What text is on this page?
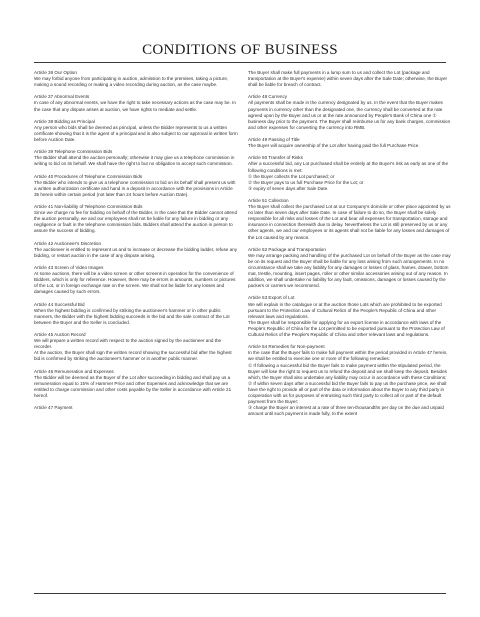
CONDITIONS OF BUSINESS
Article 36 Our Option

We may forbid anyone from participating in auction, admission to the premises, taking a picture, making a sound recording or making a video recording during auction, as the case maybe.

Article 37 Abnormal Events

In case of any abnormal events, we have the right to take necessary actions as the case may be. In the case that any dispute arises at auction, we have rights to mediate and settle.

Article 38 Bidding as Principal

Any person who bids shall be deemed as principal, unless the Bidder represents to us a written certificate showing that it is the agent of a principal and is also subject to our approval in written form before Auction Date.

Article 39 Telephone Commission Bids

The Bidder shall attend the auction personally; otherwise it may give us a telephone commission in writing to bid on its behalf. We shall have the right to but no obligation to accept such commission.

Article 40 Procedures of Telephone Commission Bids

The Bidder who intends to give us a telephone commission to bid on its behalf shall present us with a written authorization certificate and hand in a deposit in accordance with the provisions in Article 35 herein within certain period (not later than 24 hours before Auction Date).

Article 41 Non-liability of Telephone Commission Bids

Since we charge no fee for bidding on behalf of the Bidder, in the case that the Bidder cannot attend the auction personally, we and our employees shall not be liable for any failure in bidding or any negligence or fault in the telephone commission bids. Bidders shall attend the auction in person to assure the success of bidding.

Article 42 Auctioneer's Discretion

The auctioneer is entitled to represent us and to increase or decrease the bidding ladder, refuse any bidding, or restart auction in the case of any dispute arising.

Article 43 Screen of Video Images

At some auctions, there will be a video screen or other screens in operation for the convenience of Bidders, which is only for reference. However, there may be errors in amounts, numbers or pictures of the Lot, or in foreign exchange rate on the screen. We shall not be liable for any losses and damages caused by such errors.

Article 44 Successful Bid

When the highest bidding is confirmed by striking the auctioneer's hammer or in other public manners, the Bidder with the highest bidding succeeds in the bid and the sale contract of the Lot between the Buyer and the Seller is concluded.

Article 45 Auction Record

We will prepare a written record with respect to the auction signed by the auctioneer and the recorder.
At the auction, the Buyer shall sign the written record showing the successful bid after the highest bid is confirmed by striking the auctioneer's hammer or in another public manner.

Article 46 Remuneration and Expenses

The Bidder will be deemed as the Buyer of the Lot after succeeding in bidding and shall pay us a remuneration equal to 15% of Hammer Price and other Expenses and acknowledge that we are entitled to charge commission and other costs payable by the Seller in accordance with Article 21 hereof.

Article 47 Payment

The Buyer shall make full payments in a lump sum to us and collect the Lot (package and transportation at the Buyer's expense) within seven days after the Sale Date; otherwise, the Buyer shall be liable for breach of contract.

Article 48 Currency

All payments shall be made in the currency designated by us. In the event that the Buyer makes payments in currency other than the designated one, the currency shall be converted at the rate agreed upon by the Buyer and us or at the rate announced by People's Bank of China one ① business day prior to the payment. The Buyer shall reimburse us for any bank charges, commission and other expenses for converting the currency into RMB.

Article 49 Passing of Title

The Buyer will acquire ownership of the Lot after having paid the full Purchase Price.

Article 50 Transfer of Risks

After a successful bid, any Lot purchased shall be entirely at the Buyer's risk as early as one of the following conditions is met:
① the Buyer collects the Lot purchased; or
② the Buyer pays to us full Purchase Price for the Lot; or
③ expiry of seven days after Sale Date.

Article 51 Collection

The Buyer shall collect the purchased Lot at our Company's domicile or other place appointed by us no later than seven days after Sale Date. In case of failure to do so, the Buyer shall be solely responsible for all risks and losses of the Lot and bear all expenses for transportation, storage and insurance in connection therewith due to delay. Nevertheless the Lot is still preserved by us or any other agents, we and our employees or its agents shall not be liable for any losses and damages of the Lot caused by any reason.

Article 52 Package and Transportation

We may arrange packing and handling of the purchased Lot on behalf of the Buyer as the case may be on its request and the Buyer shall be liable for any loss arising from such arrangements. In no circumstance shall we take any liability for any damages or losses of glass, frames, drawer, bottom mat, trestle, mounting, insert pages, roller or other similar accessories arising out of any reason. In addition, we shall undertake no liability for any fault, omissions, damages or losses caused by the packers or carriers we recommend.

Article 53 Export of Lot

We will explain in the catalogue or at the auction those Lots which are prohibited to be exported pursuant to the Protection Law of Cultural Relics of the People's Republic of China and other relevant laws and regulations.
The Buyer shall be responsible for applying for an export license in accordance with laws of the People's Republic of China for the Lot permitted to be exported pursuant to the Protection Law of Cultural Relics of the People's Republic of China and other relevant laws and regulations.

Article 54 Remedies for Non-payment

In the case that the Buyer fails to make full payment within the period provided in Article 47 herein, we shall be entitled to exercise one or more of the following remedies:
① If following a successful bid the Buyer fails to make payment within the stipulated period, the Buyer will lose the right to request us to refund the deposit and we shall keep the deposit. Besides which, the Buyer shall also undertake any liability may occur in accordance with these Conditions;
② If within seven days after a successful bid the Buyer fails to pay us the purchase price, we shall have the right to provide all or part of the data or information about the Buyer to any third party in cooperation with us for purposes of entrusting such third party to collect all or part of the default payment from the Buyer;
③ charge the Buyer an interest at a rate of three ten-thousandths per day on the due and unpaid amount until such payment is made fully, to the extent
